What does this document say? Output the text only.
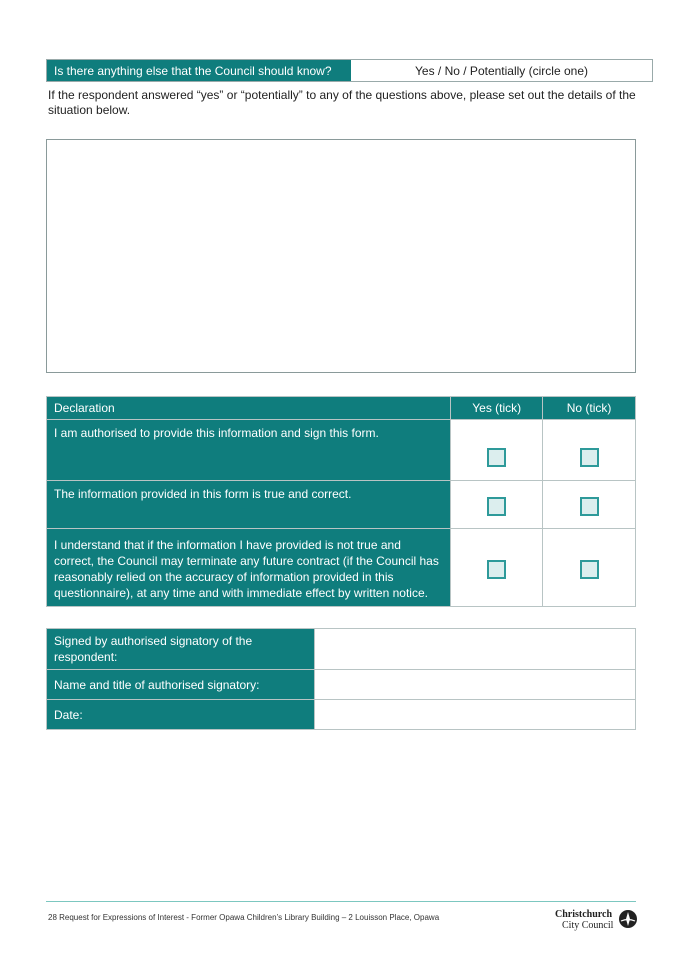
Is there anything else that the Council should know?	Yes / No / Potentially (circle one)
If the respondent answered “yes” or “potentially” to any of the questions above, please set out the details of the situation below.
Declaration	Yes (tick)	No (tick)
I am authorised to provide this information and sign this form.		
The information provided in this form is true and correct.		
I understand that if the information I have provided is not true and correct, the Council may terminate any future contract (if the Council has reasonably relied on the accuracy of information provided in this questionnaire), at any time and with immediate effect by written notice.		
Signed by authorised signatory of the respondent:	
Name and title of authorised signatory:	
Date:	
28 Request for Expressions of Interest - Former Opawa Children’s Library Building – 2 Louisson Place, Opawa	Christchurch
City Council
